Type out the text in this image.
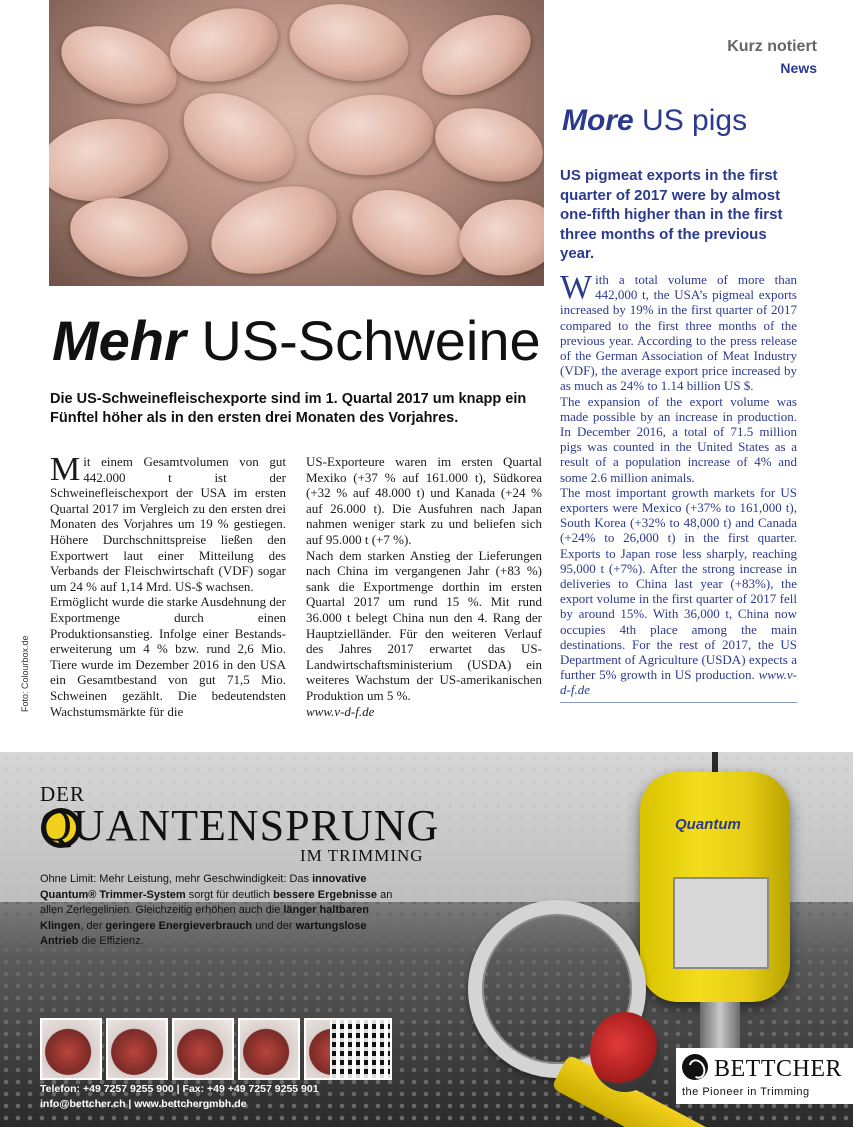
Foto: Colourbox.de
Kurz notiert
News
More US pigs
US pigmeat exports in the first quarter of 2017 were by almost one-fifth higher than in the first three months of the previous year.

With a total volume of more than 442,000 t, the USA’s pigmeal exports increased by 19% in the first quarter of 2017 compared to the first three months of the previous year. According to the press release of the German Association of Meat Industry (VDF), the average export price increased by as much as 24% to 1.14 billion US $.

The expansion of the export volume was made possible by an increase in production. In December 2016, a total of 71.5 million pigs was counted in the United States as a result of a population increase of 4% and some 2.6 million animals.

The most important growth markets for US exporters were Mexico (+37% to 161,000 t), South Korea (+32% to 48,000 t) and Canada (+24% to 26,000 t) in the first quarter. Exports to Japan rose less sharply, reaching 95,000 t (+7%). After the strong increase in deliveries to China last year (+83%), the export volume in the first quarter of 2017 fell by around 15%. With 36,000 t, China now occupies 4th place among the main destinations. For the rest of 2017, the US Department of Agriculture (USDA) expects a further 5% growth in US production. www.v-d-f.de

Mehr US-Schweine
Die US-Schweinefleischexporte sind im 1. Quartal 2017 um knapp ein Fünftel höher als in den ersten drei Monaten des Vorjahres.

Mit einem Gesamtvolumen von gut 442.000 t ist der Schweinefleischexport der USA im ersten Quartal 2017 im Vergleich zu den ersten drei Monaten des Vorjahres um 19 % gestiegen. Höhere Durchschnittspreise ließen den Exportwert laut einer Mitteilung des Verbands der Fleischwirtschaft (VDF) sogar um 24 % auf 1,14 Mrd. US-$ wachsen.

Ermöglicht wurde die starke Ausdehnung der Exportmenge durch einen Produktionsanstieg. Infolge einer Bestands-erweiterung um 4 % bzw. rund 2,6 Mio. Tiere wurde im Dezember 2016 in den USA ein Gesamtbestand von gut 71,5 Mio. Schweinen gezählt. Die bedeutendsten Wachstumsmärkte für die

US-Exporteure waren im ersten Quartal Mexiko (+37 % auf 161.000 t), Südkorea (+32 % auf 48.000 t) und Kanada (+24 % auf 26.000 t). Die Ausfuhren nach Japan nahmen weniger stark zu und beliefen sich auf 95.000 t (+7 %).

Nach dem starken Anstieg der Lieferungen nach China im vergangenen Jahr (+83 %) sank die Exportmenge dorthin im ersten Quartal 2017 um rund 15 %. Mit rund 36.000 t belegt China nun den 4. Rang der Hauptzielländer. Für den weiteren Verlauf des Jahres 2017 erwartet das US-Landwirtschaftsministerium (USDA) ein weiteres Wachstum der US-amerikanischen Produktion um 5 %.

www.v-d-f.de

DER
QUANTENSPRUNG
IM TRIMMING
Ohne Limit: Mehr Leistung, mehr Geschwindigkeit: Das innovative Quantum® Trimmer-System sorgt für deutlich bessere Ergebnisse an allen Zerlegelinien. Gleichzeitig erhöhen auch die länger haltbaren Klingen, der geringere Energieverbrauch und der wartungslose Antrieb die Effizienz.
Quantum
Telefon: +49 7257 9255 900 | Fax: +49 +49 7257 9255 901
info@bettcher.ch | www.bettchergmbh.de
BETTCHER
the Pioneer in Trimming
